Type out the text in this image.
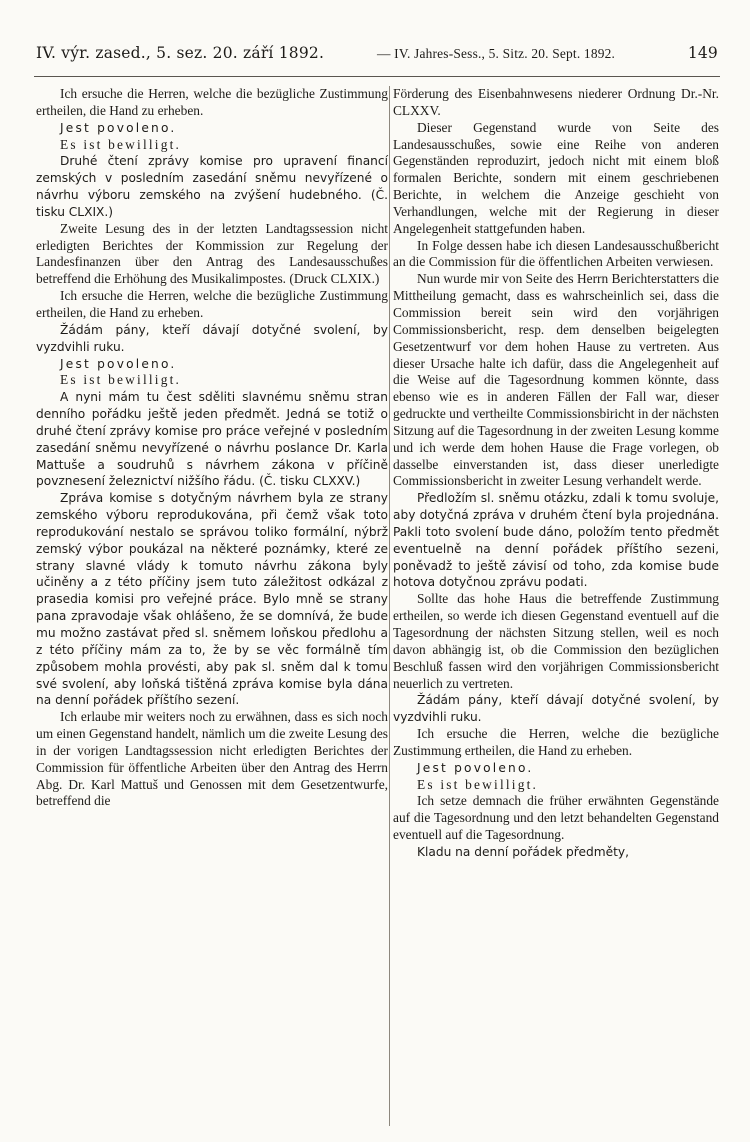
IV. výr. zased., 5. sez. 20. září 1892.	— IV. Jahres-Sess., 5. Sitz. 20. Sept. 1892.	149

Ich ersuche die Herren, welche die bezügliche Zustimmung ertheilen, die Hand zu erheben.

Jest povoleno.

Es ist bewilligt.

Druhé čtení zprávy komise pro upravení financí zemských v posledním zasedání sněmu nevyřízené o návrhu výboru zemského na zvýšení hudebného. (Č. tisku CLXIX.)

Zweite Lesung des in der letzten Landtagssession nicht erledigten Berichtes der Kommission zur Regelung der Landesfinanzen über den Antrag des Landesausschußes betreffend die Erhöhung des Musikalimpostes. (Druck CLXIX.)

Ich ersuche die Herren, welche die bezügliche Zustimmung ertheilen, die Hand zu erheben.

Žádám pány, kteří dávají dotyčné svolení, by vyzdvihli ruku.

Jest povoleno.

Es ist bewilligt.

A nyni mám tu čest sděliti slavnému sněmu stran denního pořádku ještě jeden předmět. Jedná se totiž o druhé čtení zprávy komise pro práce veřejné v posledním zasedání sněmu nevyřízené o návrhu poslance Dr. Karla Mattuše a soudruhů s návrhem zákona v příčině povznesení železnictví nižšího řádu. (Č. tisku CLXXV.)

Zpráva komise s dotyčným návrhem byla ze strany zemského výboru reprodukována, při čemž však toto reprodukování nestalo se správou toliko formální, nýbrž zemský výbor poukázal na některé poznámky, které ze strany slavné vlády k tomuto návrhu zákona byly učiněny a z této příčiny jsem tuto záležitost odkázal z prasedia komisi pro veřejné práce. Bylo mně se strany pana zpravodaje však ohlášeno, že se domnívá, že bude mu možno zastávat před sl. sněmem loňskou předlohu a z této příčiny mám za to, že by se věc formálně tím způsobem mohla provésti, aby pak sl. sněm dal k tomu své svolení, aby loňská tištěná zpráva komise byla dána na denní pořádek příštího sezení.

Ich erlaube mir weiters noch zu erwähnen, dass es sich noch um einen Gegenstand handelt, nämlich um die zweite Lesung des in der vorigen Landtagssession nicht erledigten Berichtes der Commission für öffentliche Arbeiten über den Antrag des Herrn Abg. Dr. Karl Mattuš und Genossen mit dem Gesetzentwurfe, betreffend die

Förderung des Eisenbahnwesens niederer Ordnung Dr.-Nr. CLXXV.

Dieser Gegenstand wurde von Seite des Landesausschußes, sowie eine Reihe von anderen Gegenständen reproduzirt, jedoch nicht mit einem bloß formalen Berichte, sondern mit einem geschriebenen Berichte, in welchem die Anzeige geschieht von Verhandlungen, welche mit der Regierung in dieser Angelegenheit stattgefunden haben.

In Folge dessen habe ich diesen Landesausschußbericht an die Commission für die öffentlichen Arbeiten verwiesen.

Nun wurde mir von Seite des Herrn Berichterstatters die Mittheilung gemacht, dass es wahrscheinlich sei, dass die Commission bereit sein wird den vorjährigen Commissionsbericht, resp. dem denselben beigelegten Gesetzentwurf vor dem hohen Hause zu vertreten. Aus dieser Ursache halte ich dafür, dass die Angelegenheit auf die Weise auf die Tagesordnung kommen könnte, dass ebenso wie es in anderen Fällen der Fall war, dieser gedruckte und vertheilte Commissionsbiricht in der nächsten Sitzung auf die Tagesordnung in der zweiten Lesung komme und ich werde dem hohen Hause die Frage vorlegen, ob dasselbe einverstanden ist, dass dieser unerledigte Commissionsbericht in zweiter Lesung verhandelt werde.

Předložím sl. sněmu otázku, zdali k tomu svoluje, aby dotyčná zpráva v druhém čtení byla projednána. Pakli toto svolení bude dáno, položím tento předmět eventuelně na denní pořádek příštího sezeni, poněvadž to ještě závisí od toho, zda komise bude hotova dotyčnou zprávu podati.

Sollte das hohe Haus die betreffende Zustimmung ertheilen, so werde ich diesen Gegenstand eventuell auf die Tagesordnung der nächsten Sitzung stellen, weil es noch davon abhängig ist, ob die Commission den bezüglichen Beschluß fassen wird den vorjährigen Commissionsbericht neuerlich zu vertreten.

Žádám pány, kteří dávají dotyčné svolení, by vyzdvihli ruku.

Ich ersuche die Herren, welche die bezügliche Zustimmung ertheilen, die Hand zu erheben.

Jest povoleno.

Es ist bewilligt.

Ich setze demnach die früher erwähnten Gegenstände auf die Tagesordnung und den letzt behandelten Gegenstand eventuell auf die Tagesordnung.

Kladu na denní pořádek předměty,
